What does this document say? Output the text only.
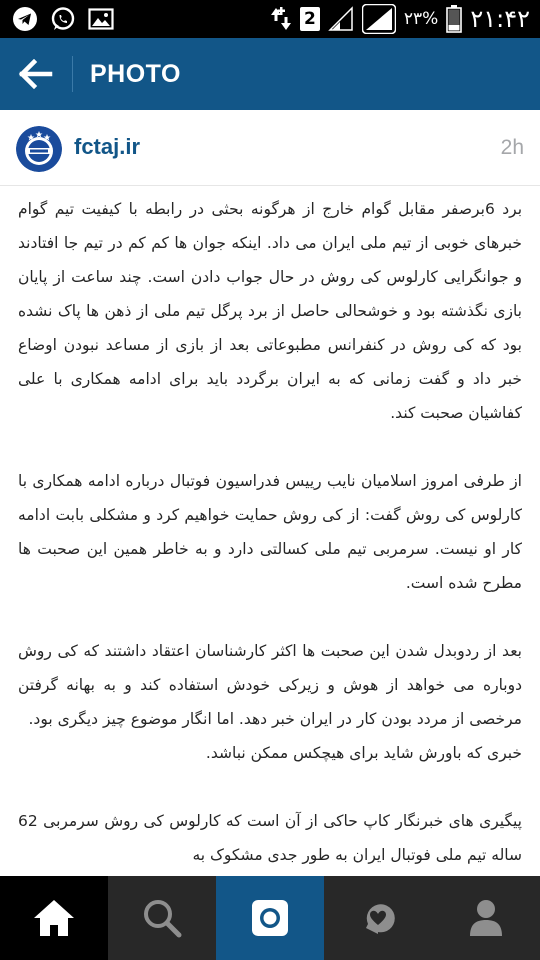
2	۲۳% ۲۱:۴۲
PHOTO
fctaj.ir	2h

برد 6برصفر مقابل گوام خارج از هرگونه بحثی در رابطه با کیفیت تیم گوام خبرهای خوبی از تیم ملی ایران می داد. اینکه جوان ها کم کم در تیم جا افتادند و جوانگرایی کارلوس کی روش در حال جواب دادن است. چند ساعت از پایان بازی نگذشته بود و خوشحالی حاصل از برد پرگل تیم ملی از ذهن ها پاک نشده بود که کی روش در کنفرانس مطبوعاتی بعد از بازی از مساعد نبودن اوضاع خبر داد و گفت زمانی که به ایران برگردد باید برای ادامه همکاری با علی کفاشیان صحبت کند.

از طرفی امروز اسلامیان نایب رییس فدراسیون فوتبال درباره ادامه همکاری با کارلوس کی روش گفت: از کی روش حمایت خواهیم کرد و مشکلی بابت ادامه کار او نیست. سرمربی تیم ملی کسالتی دارد و به خاطر همین این صحبت ها مطرح شده است.

بعد از ردوبدل شدن این صحبت ها اکثر کارشناسان اعتقاد داشتند که کی روش دوباره می خواهد از هوش و زیرکی خودش استفاده کند و به بهانه گرفتن مرخصی از مردد بودن کار در ایران خبر دهد. اما انگار موضوع چیز دیگری بود.

خبری که باورش شاید برای هیچکس ممکن نباشد.

پیگیری های خبرنگار کاپ حاکی از آن است که کارلوس کی روش سرمربی 62 ساله تیم ملی فوتبال ایران به طور جدی مشکوک به
